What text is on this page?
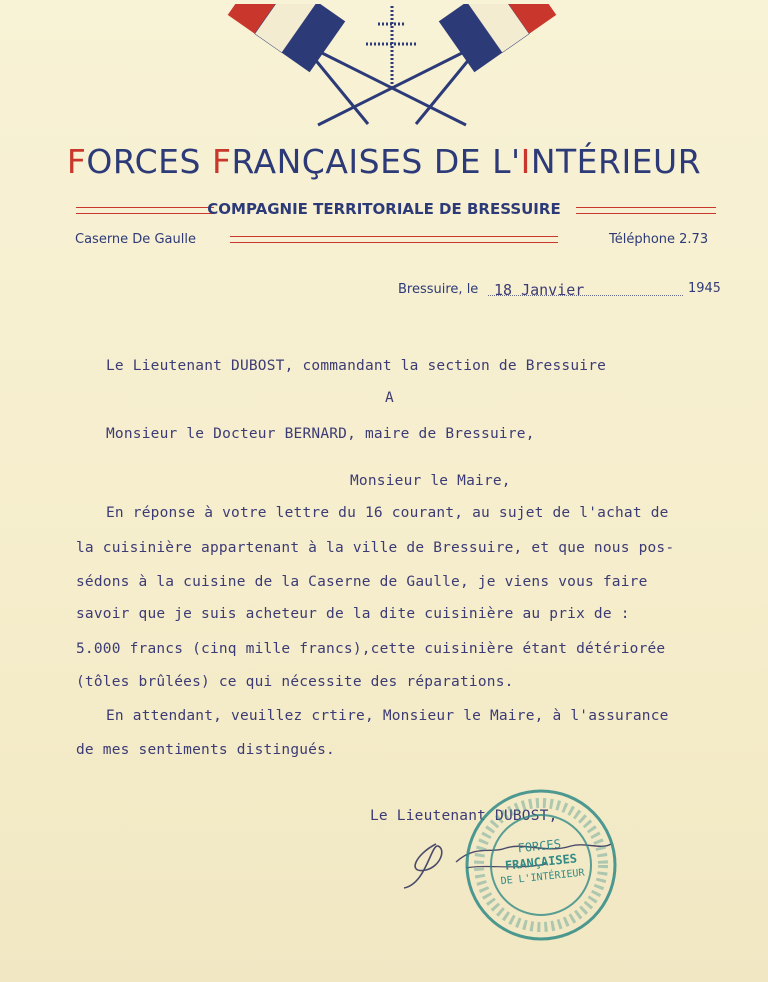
FORCES FRANÇAISES DE L'INTÉRIEUR
COMPAGNIE TERRITORIALE DE BRESSUIRE
Caserne De Gaulle	Téléphone 2.73
Bressuire, le 18 Janvier	1945
Le Lieutenant DUBOST, commandant la section de Bressuire
A
Monsieur le Docteur BERNARD, maire de Bressuire,
Monsieur le Maire,
En réponse à votre lettre du 16 courant, au sujet de l'achat de
la cuisinière appartenant à la ville de Bressuire, et que nous pos-
sédons à la cuisine de la Caserne de Gaulle, je viens vous faire
savoir que je suis acheteur de la dite cuisinière au prix de :
5.000 francs (cinq mille francs),cette cuisinière étant détériorée
(tôles brûlées) ce qui nécessite des réparations.
En attendant, veuillez crtire, Monsieur le Maire, à l'assurance
de mes sentiments distingués.
Le Lieutenant DUBOST,
FORCES
FRANÇAISES
DE L'INTÉRIEUR
